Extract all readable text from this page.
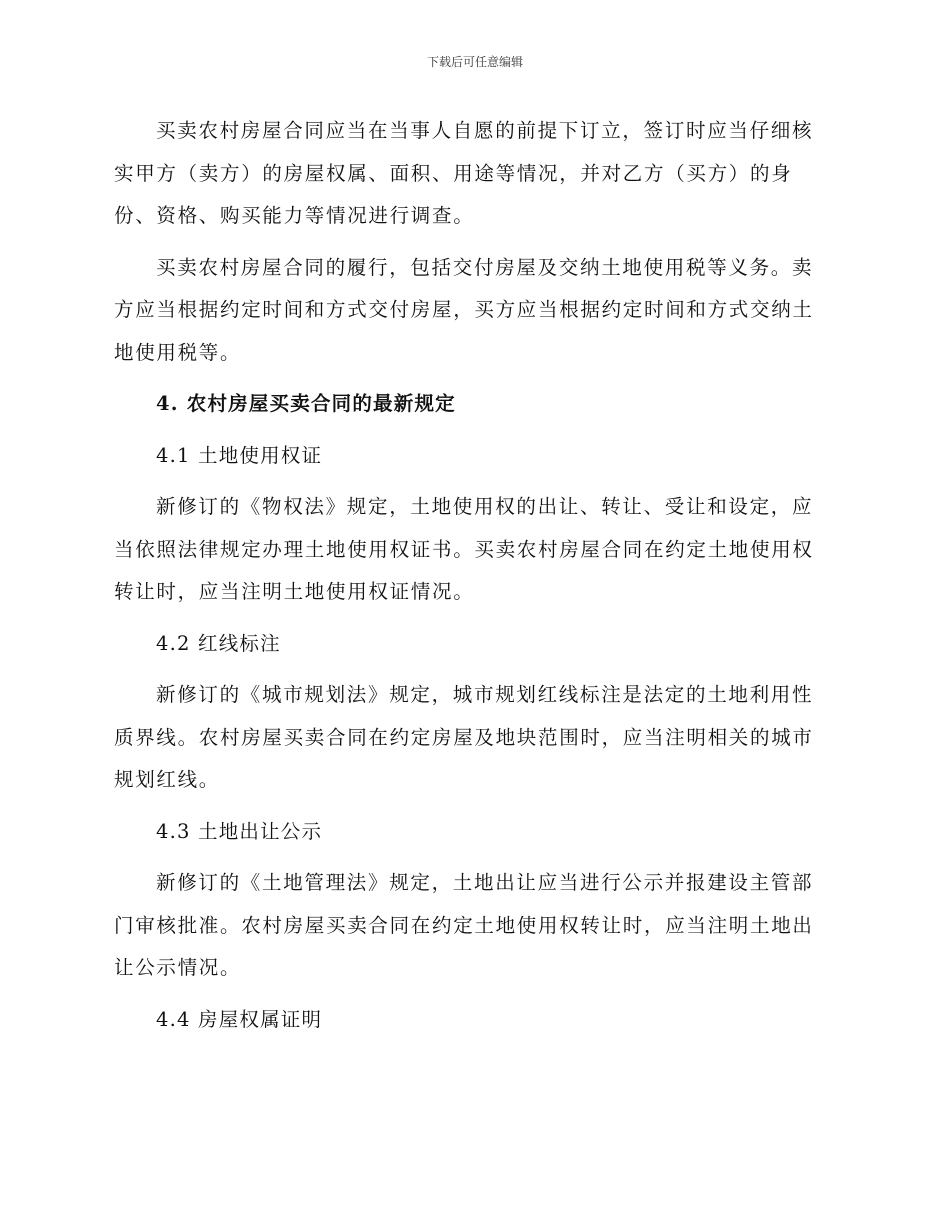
下载后可任意编辑

买卖农村房屋合同应当在当事人自愿的前提下订立，签订时应当仔细核实甲方（卖方）的房屋权属、面积、用途等情况，并对乙方（买方）的身份、资格、购买能力等情况进行调查。

买卖农村房屋合同的履行，包括交付房屋及交纳土地使用税等义务。卖方应当根据约定时间和方式交付房屋，买方应当根据约定时间和方式交纳土地使用税等。

4. 农村房屋买卖合同的最新规定

4.1 土地使用权证

新修订的《物权法》规定，土地使用权的出让、转让、受让和设定，应当依照法律规定办理土地使用权证书。买卖农村房屋合同在约定土地使用权转让时，应当注明土地使用权证情况。

4.2 红线标注

新修订的《城市规划法》规定，城市规划红线标注是法定的土地利用性质界线。农村房屋买卖合同在约定房屋及地块范围时，应当注明相关的城市规划红线。

4.3 土地出让公示

新修订的《土地管理法》规定，土地出让应当进行公示并报建设主管部门审核批准。农村房屋买卖合同在约定土地使用权转让时，应当注明土地出让公示情况。

4.4 房屋权属证明
